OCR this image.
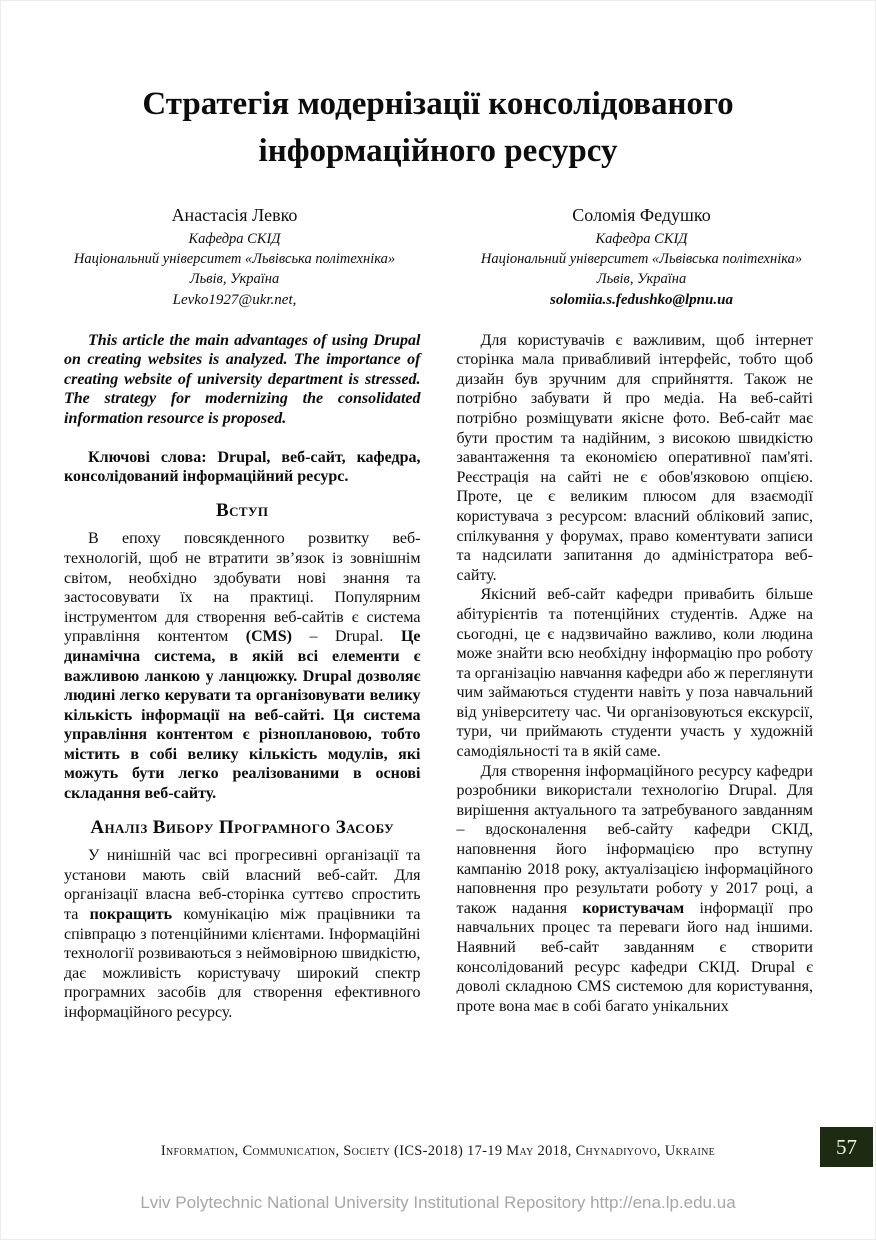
Стратегія модернізації консолідованого інформаційного ресурсу
Анастасія Левко
Кафедра СКІД
Національний університет «Львівська політехніка»
Львів, Україна
Levko1927@ukr.net,
Соломія Федушко
Кафедра СКІД
Національний університет «Львівська політехніка»
Львів, Україна
solomiia.s.fedushko@lpnu.ua

This article the main advantages of using Drupal on creating websites is analyzed. The importance of creating website of university department is stressed. The strategy for modernizing the consolidated information resource is proposed.

Ключові слова: Drupal, веб-сайт, кафедра, консолідований інформаційний ресурс.

Вступ

В епоху повсякденного розвитку веб-технологій, щоб не втратити зв’язок із зовнішнім світом, необхідно здобувати нові знання та застосовувати їх на практиці. Популярним інструментом для створення веб-сайтів є система управління контентом (CMS) – Drupal. Це динамічна система, в якій всі елементи є важливою ланкою у ланцюжку. Drupal дозволяє людині легко керувати та організовувати велику кількість інформації на веб-сайті. Ця система управління контентом є різноплановою, тобто містить в собі велику кількість модулів, які можуть бути легко реалізованими в основі складання веб-сайту.

Аналіз Вибору Програмного Засобу

У нинішній час всі прогресивні організації та установи мають свій власний веб-сайт. Для організації власна веб-сторінка суттєво спростить та покращить комунікацію між працівники та співпрацю з потенційними клієнтами. Інформаційні технології розвиваються з неймовірною швидкістю, дає можливість користувачу широкий спектр програмних засобів для створення ефективного інформаційного ресурсу.

Для користувачів є важливим, щоб інтернет сторінка мала привабливий інтерфейс, тобто щоб дизайн був зручним для сприйняття. Також не потрібно забувати й про медіа. На веб-сайті потрібно розміщувати якісне фото. Веб-сайт має бути простим та надійним, з високою швидкістю завантаження та економією оперативної пам'яті. Реєстрація на сайті не є обов'язковою опцією. Проте, це є великим плюсом для взаємодії користувача з ресурсом: власний обліковий запис, спілкування у форумах, право коментувати записи та надсилати запитання до адміністратора веб-сайту.

Якісний веб-сайт кафедри привабить більше абітурієнтів та потенційних студентів. Адже на сьогодні, це є надзвичайно важливо, коли людина може знайти всю необхідну інформацію про роботу та організацію навчання кафедри або ж переглянути чим займаються студенти навіть у поза навчальний від університету час. Чи організовуються екскурсії, тури, чи приймають студенти участь у художній самодіяльності та в якій саме.

Для створення інформаційного ресурсу кафедри розробники використали технологію Drupal. Для вирішення актуального та затребуваного завданням – вдосконалення веб-сайту кафедри СКІД, наповнення його інформацією про вступну кампанію 2018 року, актуалізацією інформаційного наповнення про результати роботу у 2017 році, а також надання користувачам інформації про навчальних процес та переваги його над іншими. Наявний веб-сайт завданням є створити консолідований ресурс кафедри СКІД. Drupal є доволі складною CMS системою для користування, проте вона має в собі багато унікальних

Information, Communication, Society (ICS-2018) 17-19 May 2018, Chynadiyovo, Ukraine	57
Lviv Polytechnic National University Institutional Repository http://ena.lp.edu.ua
